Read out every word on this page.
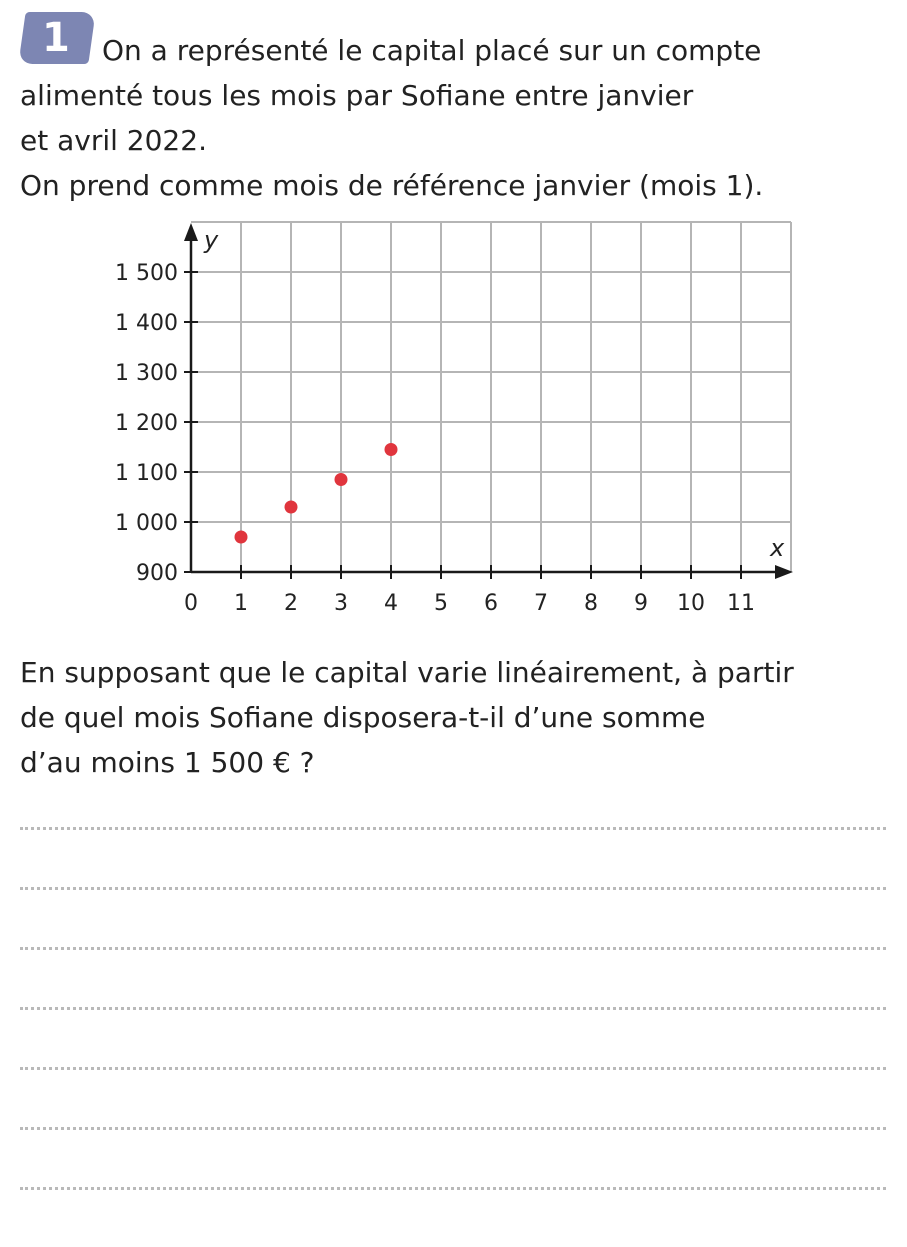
1	On a représenté le capital placé sur un compte
alimenté tous les mois par Sofiane entre janvier
et avril 2022.
On prend comme mois de référence janvier (mois 1).

0 1 2 3 4 5 6 7 8 9 10 11
900
1 000
1 100
1 200
1 300
1 400
1 500
y
x

En supposant que le capital varie linéairement, à partir
de quel mois Sofiane disposera-t-il d’une somme
d’au moins 1 500 € ?
